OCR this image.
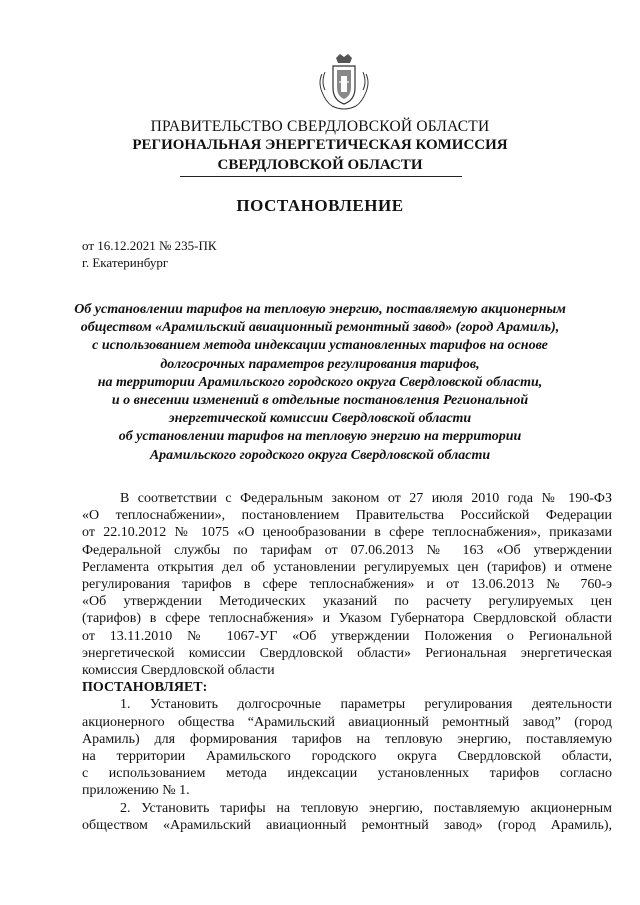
ПРАВИТЕЛЬСТВО СВЕРДЛОВСКОЙ ОБЛАСТИ
РЕГИОНАЛЬНАЯ ЭНЕРГЕТИЧЕСКАЯ КОМИССИЯ
СВЕРДЛОВСКОЙ ОБЛАСТИ
ПОСТАНОВЛЕНИЕ
от 16.12.2021 № 235-ПК
г. Екатеринбург
Об установлении тарифов на тепловую энергию, поставляемую акционерным
обществом «Арамильский авиационный ремонтный завод» (город Арамиль),
с использованием метода индексации установленных тарифов на основе
долгосрочных параметров регулирования тарифов,
на территории Арамильского городского округа Свердловской области,
и о внесении изменений в отдельные постановления Региональной
энергетической комиссии Свердловской области
об установлении тарифов на тепловую энергию на территории
Арамильского городского округа Свердловской области
В соответствии с Федеральным законом от 27 июля 2010 года № 190-ФЗ
«О теплоснабжении», постановлением Правительства Российской Федерации
от 22.10.2012 № 1075 «О ценообразовании в сфере теплоснабжения», приказами
Федеральной службы по тарифам от 07.06.2013 № 163 «Об утверждении
Регламента открытия дел об установлении регулируемых цен (тарифов) и отмене
регулирования тарифов в сфере теплоснабжения» и от 13.06.2013 № 760-э
«Об утверждении Методических указаний по расчету регулируемых цен
(тарифов) в сфере теплоснабжения» и Указом Губернатора Свердловской области
от 13.11.2010 № 1067-УГ «Об утверждении Положения о Региональной
энергетической комиссии Свердловской области» Региональная энергетическая
комиссия Свердловской области
ПОСТАНОВЛЯЕТ:
1. Установить долгосрочные параметры регулирования деятельности
акционерного общества “Арамильский авиационный ремонтный завод” (город
Арамиль) для формирования тарифов на тепловую энергию, поставляемую
на территории Арамильского городского округа Свердловской области,
с использованием метода индексации установленных тарифов согласно
приложению № 1.
2. Установить тарифы на тепловую энергию, поставляемую акционерным
обществом «Арамильский авиационный ремонтный завод» (город Арамиль),
